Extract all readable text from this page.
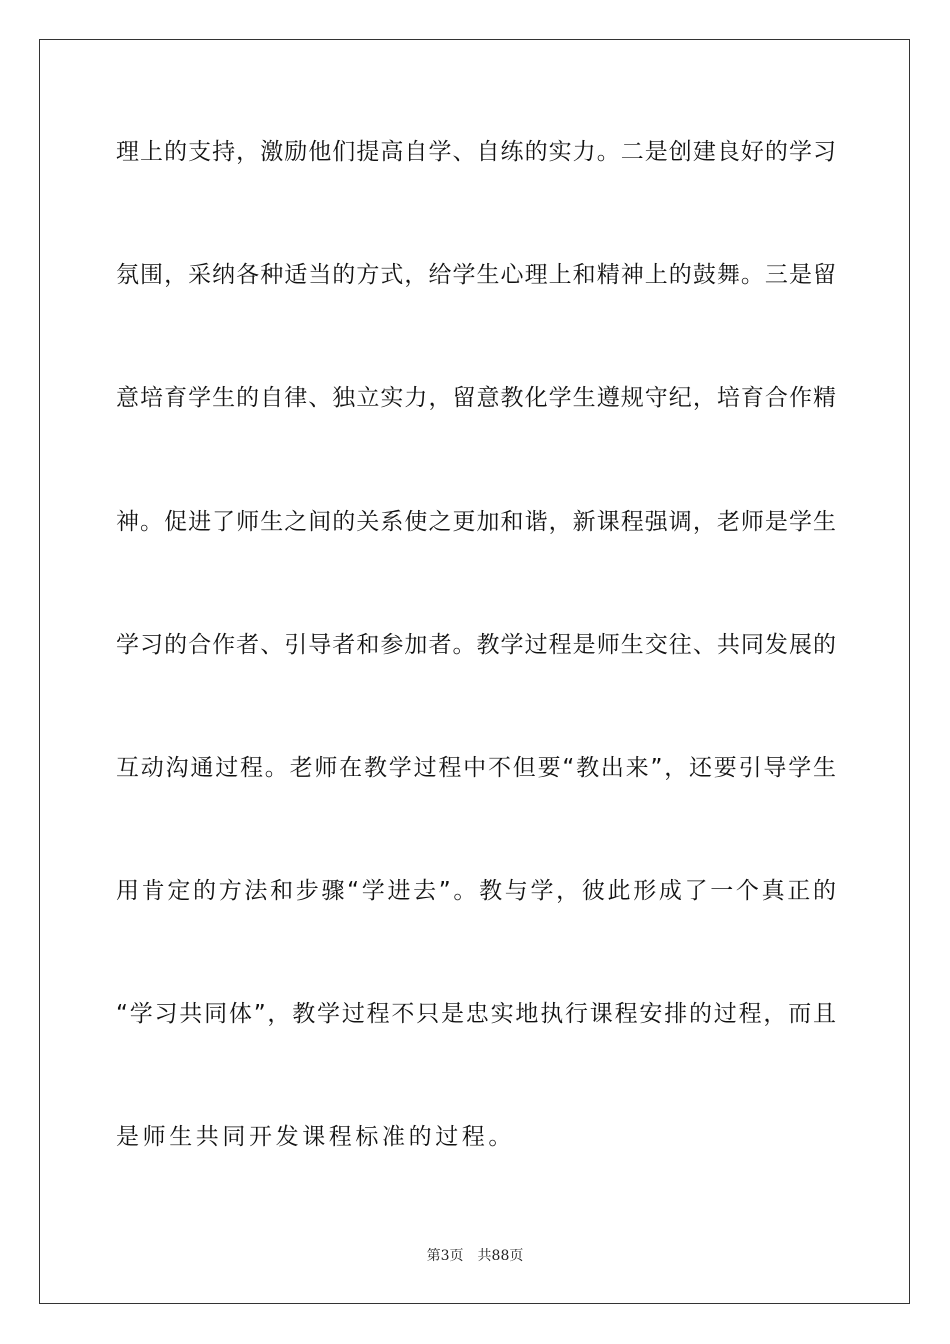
理上的支持，激励他们提高自学、自练的实力。二是创建良好的学习
氛围，采纳各种适当的方式，给学生心理上和精神上的鼓舞。三是留
意培育学生的自律、独立实力，留意教化学生遵规守纪，培育合作精
神。促进了师生之间的关系使之更加和谐，新课程强调，老师是学生
学习的合作者、引导者和参加者。教学过程是师生交往、共同发展的
互动沟通过程。老师在教学过程中不但要“教出来”，还要引导学生
用肯定的方法和步骤“学进去”。教与学，彼此形成了一个真正的
“学习共同体”，教学过程不只是忠实地执行课程安排的过程，而且
是师生共同开发课程标准的过程。
第3页 共88页
